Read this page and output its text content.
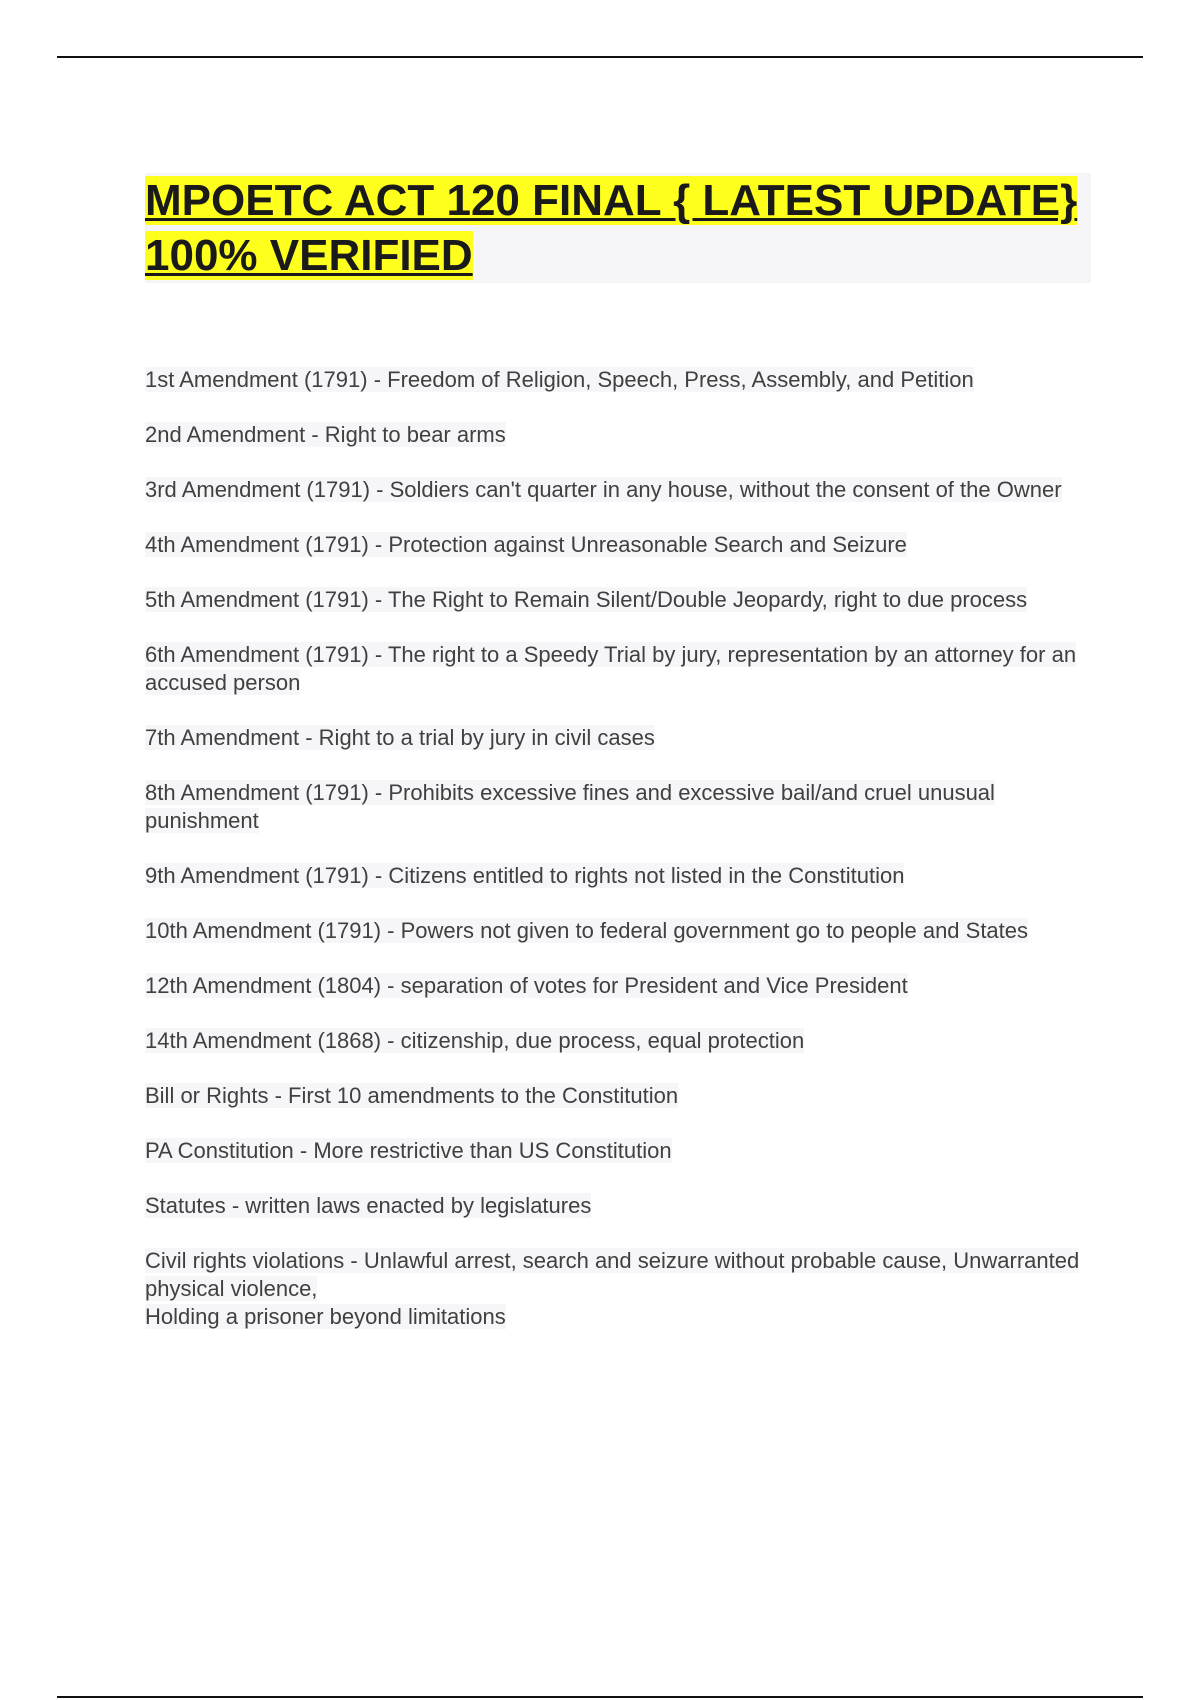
MPOETC ACT 120 FINAL { LATEST UPDATE} 100% VERIFIED
1st Amendment (1791) - Freedom of Religion, Speech, Press, Assembly, and Petition
2nd Amendment - Right to bear arms
3rd Amendment (1791) - Soldiers can't quarter in any house, without the consent of the Owner
4th Amendment (1791) - Protection against Unreasonable Search and Seizure
5th Amendment (1791) - The Right to Remain Silent/Double Jeopardy, right to due process
6th Amendment (1791) - The right to a Speedy Trial by jury, representation by an attorney for an accused person
7th Amendment - Right to a trial by jury in civil cases
8th Amendment (1791) - Prohibits excessive fines and excessive bail/and cruel unusual punishment
9th Amendment (1791) - Citizens entitled to rights not listed in the Constitution
10th Amendment (1791) - Powers not given to federal government go to people and States
12th Amendment (1804) - separation of votes for President and Vice President
14th Amendment (1868) - citizenship, due process, equal protection
Bill or Rights - First 10 amendments to the Constitution
PA Constitution - More restrictive than US Constitution
Statutes - written laws enacted by legislatures
Civil rights violations - Unlawful arrest, search and seizure without probable cause, Unwarranted physical violence,
Holding a prisoner beyond limitations
